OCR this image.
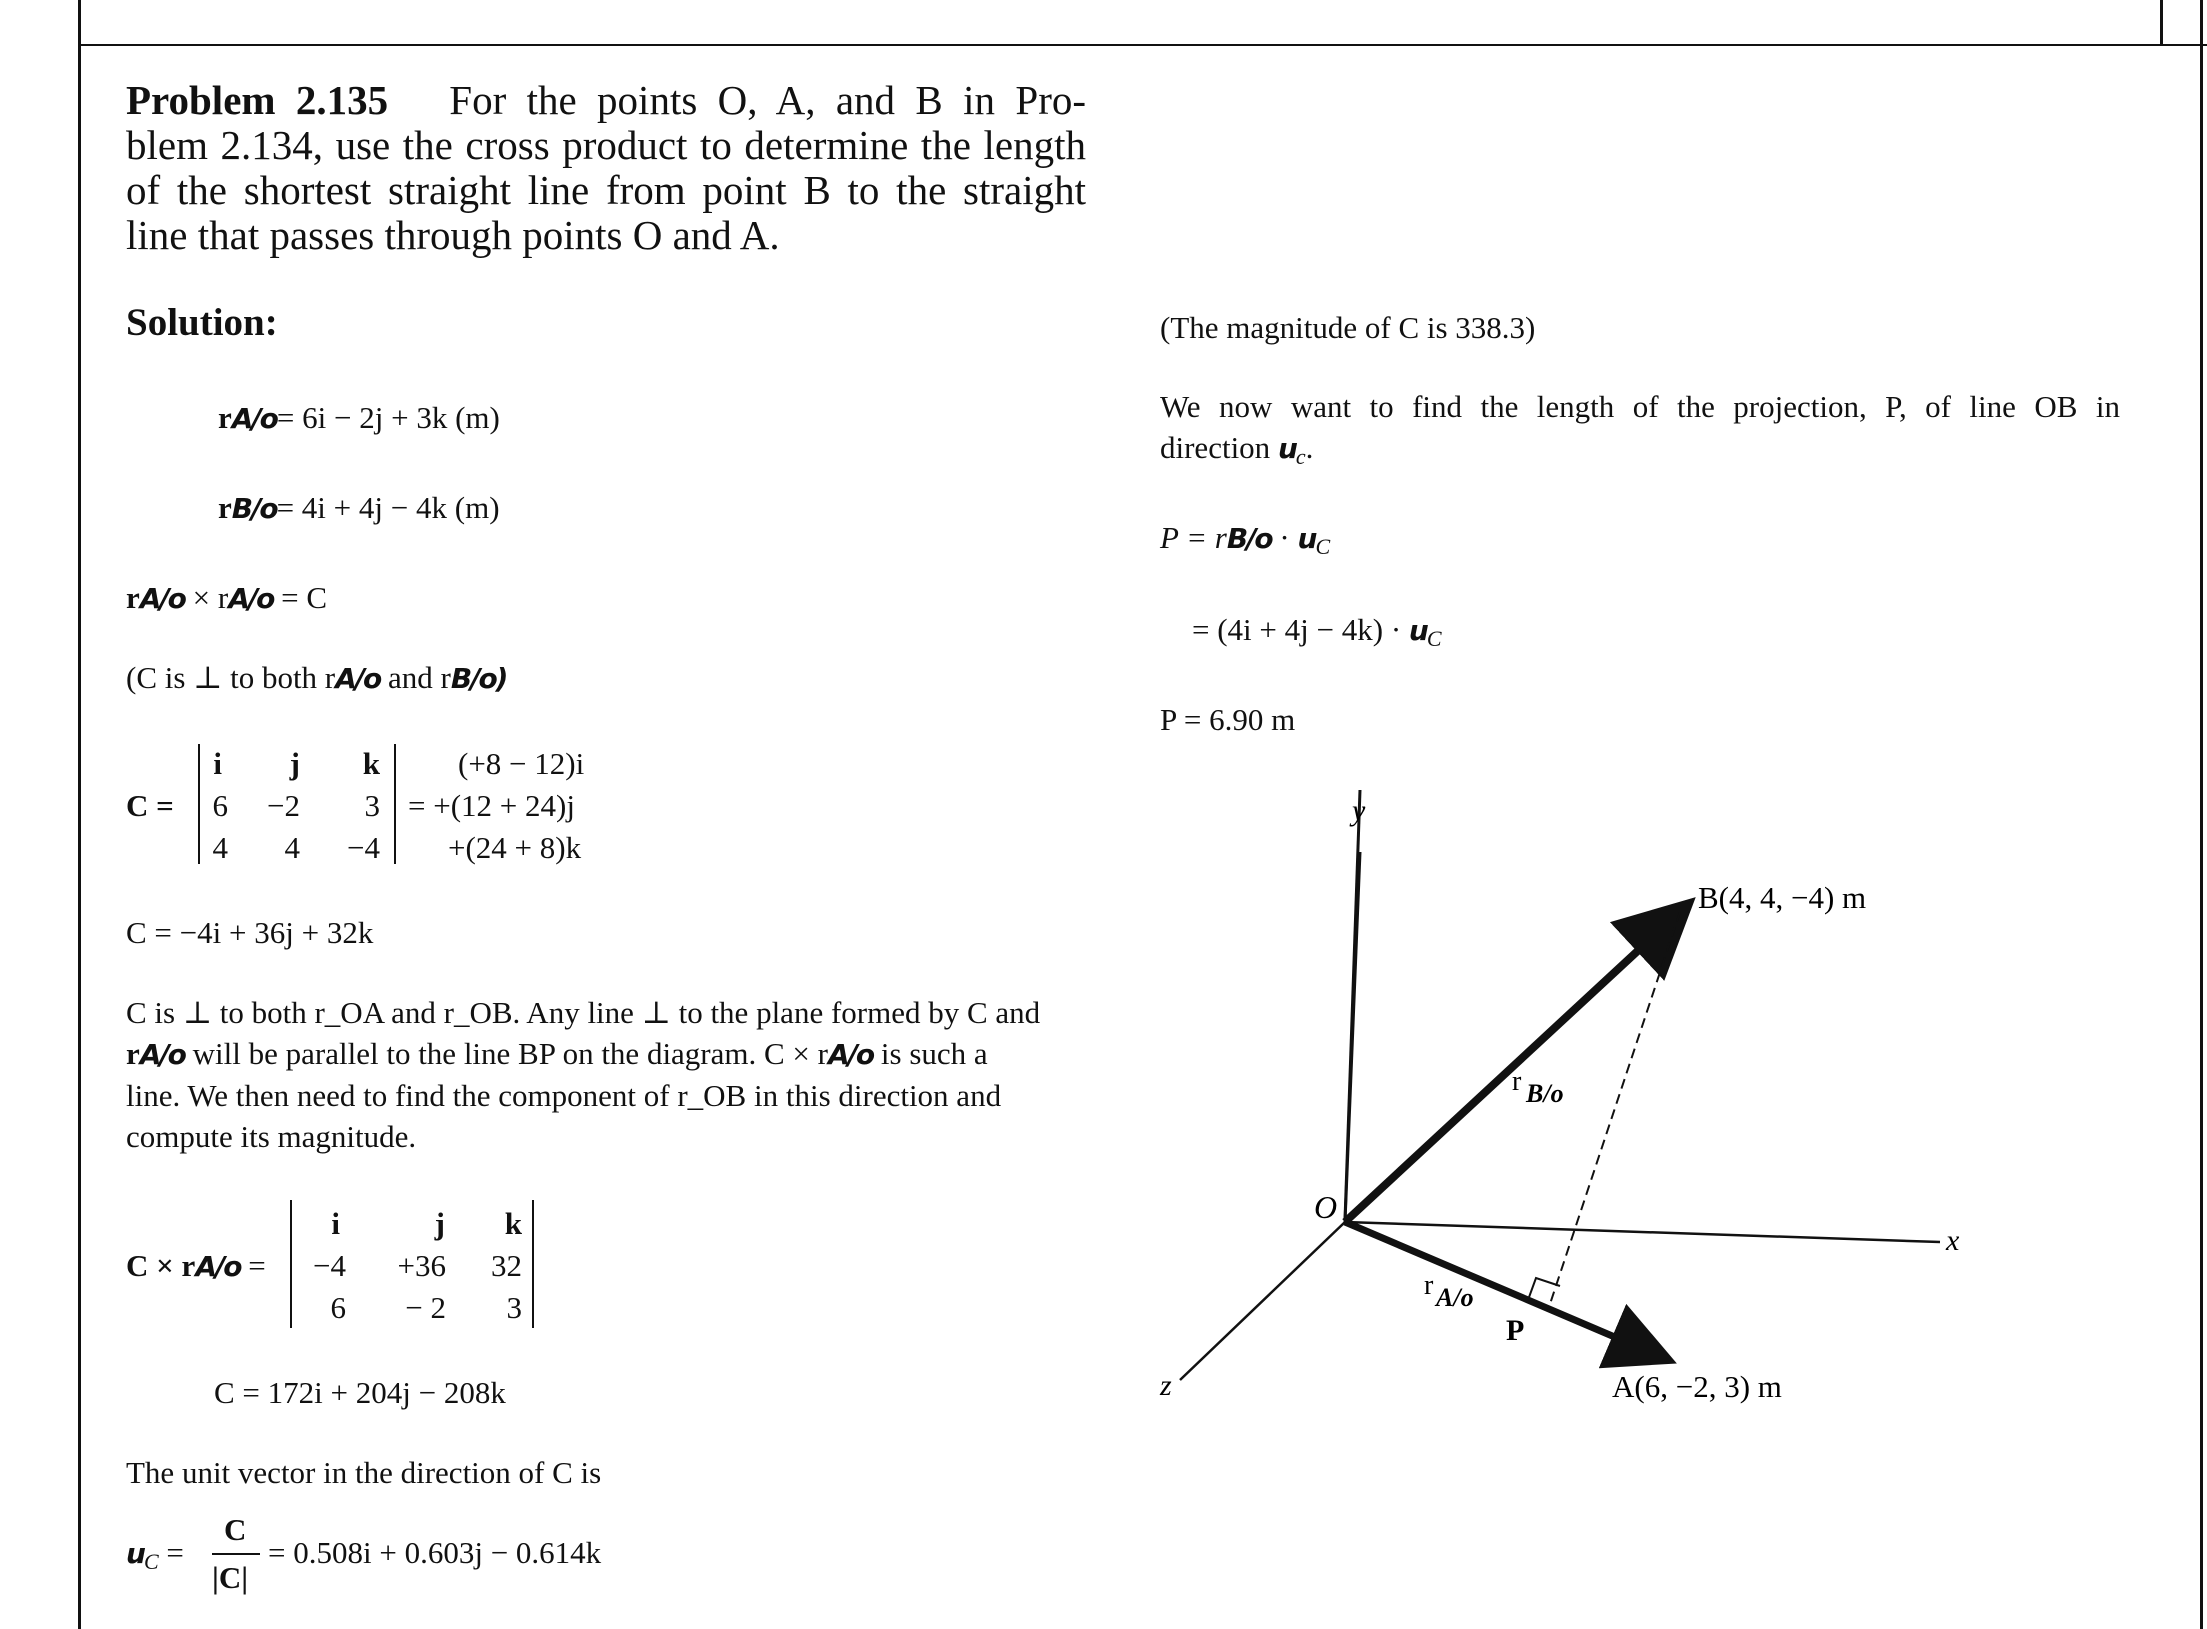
Problem 2.135 For the points O, A, and B in Pro-
blem 2.134, use the cross product to determine the length
of the shortest straight line from point B to the straight
line that passes through points O and A.
Solution:
rA/o= 6i − 2j + 3k (m)
rB/o= 4i + 4j − 4k (m)
rA/o × rA/o = C
(C is ⊥ to both rA/o and rB/o)
C =
i	j	k
6	−2	3
4	4	−4
(+8 − 12)i
= +(12 + 24)j
+(24 + 8)k
C = −4i + 36j + 32k
C is ⊥ to both r_OA and r_OB. Any line ⊥ to the plane formed by C and
rA/o will be parallel to the line BP on the diagram. C × rA/o is such a
line. We then need to find the component of r_OB in this direction and
compute its magnitude.
C × rA/o =
i	j	k
−4 +36	32
6	− 2	3
C = 172i + 204j − 208k
The unit vector in the direction of C is
uC =
C
|C|
= 0.508i + 0.603j − 0.614k
(The magnitude of C is 338.3)
We now want to find the length of the projection, P, of line OB in
direction uc.
P = rB/o · uC
= (4i + 4j − 4k) · uC
P = 6.90 m
y
x
z
O
B(4, 4, −4) m
A(6, −2, 3) m
P
r B/o
r A/o
